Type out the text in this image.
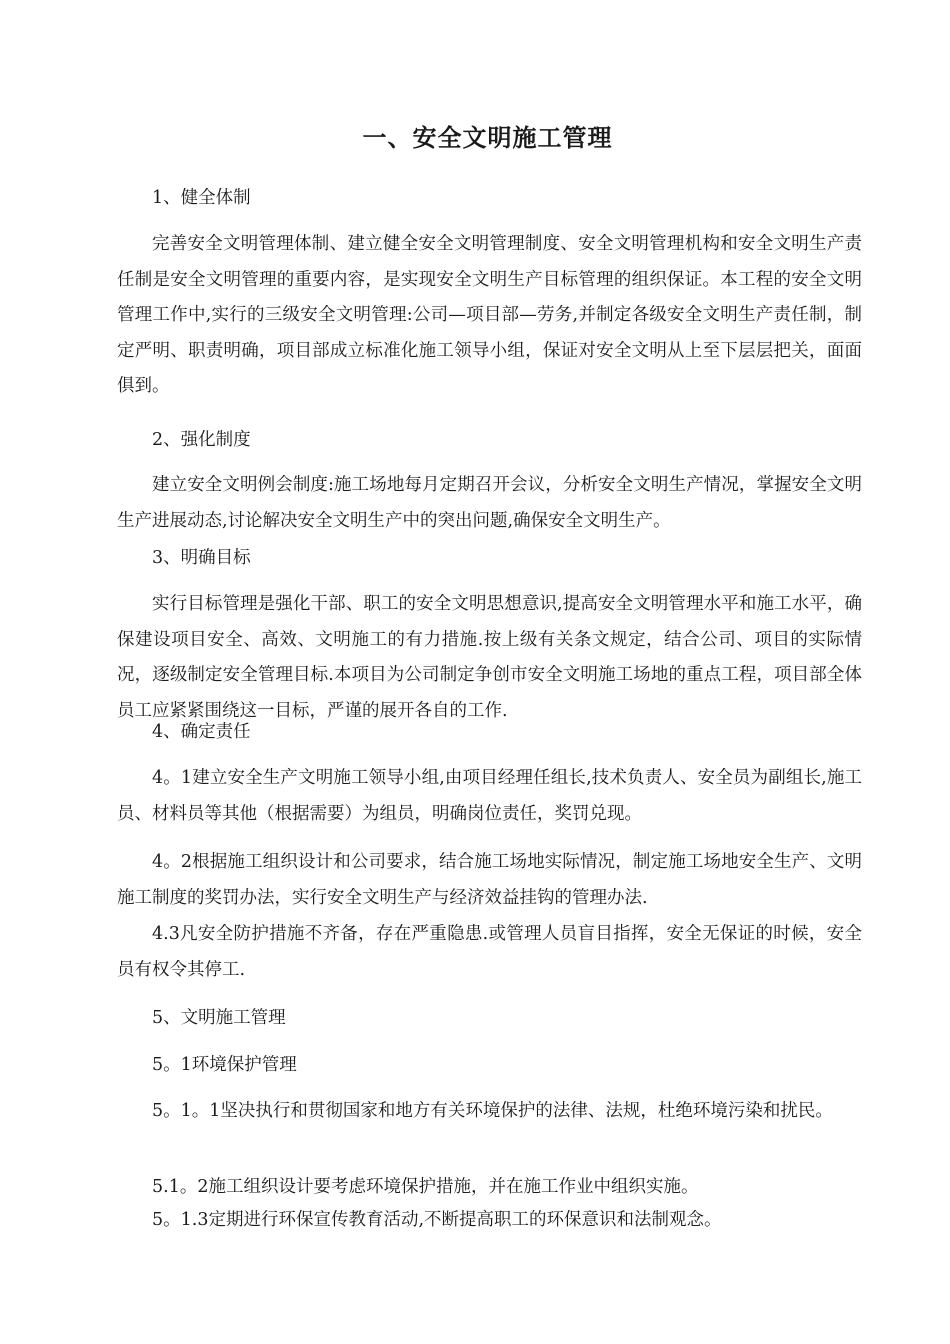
一、安全文明施工管理

1、健全体制

完善安全文明管理体制、建立健全安全文明管理制度、安全文明管理机构和安全文明生产责任制是安全文明管理的重要内容，是实现安全文明生产目标管理的组织保证。本工程的安全文明管理工作中,实行的三级安全文明管理:公司—项目部—劳务,并制定各级安全文明生产责任制，制定严明、职责明确，项目部成立标准化施工领导小组，保证对安全文明从上至下层层把关，面面俱到。

2、强化制度

建立安全文明例会制度:施工场地每月定期召开会议，分析安全文明生产情况，掌握安全文明生产进展动态,讨论解决安全文明生产中的突出问题,确保安全文明生产。

3、明确目标

实行目标管理是强化干部、职工的安全文明思想意识,提高安全文明管理水平和施工水平，确保建设项目安全、高效、文明施工的有力措施.按上级有关条文规定，结合公司、项目的实际情况，逐级制定安全管理目标.本项目为公司制定争创市安全文明施工场地的重点工程，项目部全体员工应紧紧围绕这一目标，严谨的展开各自的工作.

4、确定责任

4。1建立安全生产文明施工领导小组,由项目经理任组长,技术负责人、安全员为副组长,施工员、材料员等其他（根据需要）为组员，明确岗位责任，奖罚兑现。

4。2根据施工组织设计和公司要求，结合施工场地实际情况，制定施工场地安全生产、文明施工制度的奖罚办法，实行安全文明生产与经济效益挂钩的管理办法.

4.3凡安全防护措施不齐备，存在严重隐患.或管理人员盲目指挥，安全无保证的时候，安全员有权令其停工.

5、文明施工管理

5。1环境保护管理

5。1。1坚决执行和贯彻国家和地方有关环境保护的法律、法规，杜绝环境污染和扰民。

5.1。2施工组织设计要考虑环境保护措施，并在施工作业中组织实施。

5。1.3定期进行环保宣传教育活动,不断提高职工的环保意识和法制观念。
